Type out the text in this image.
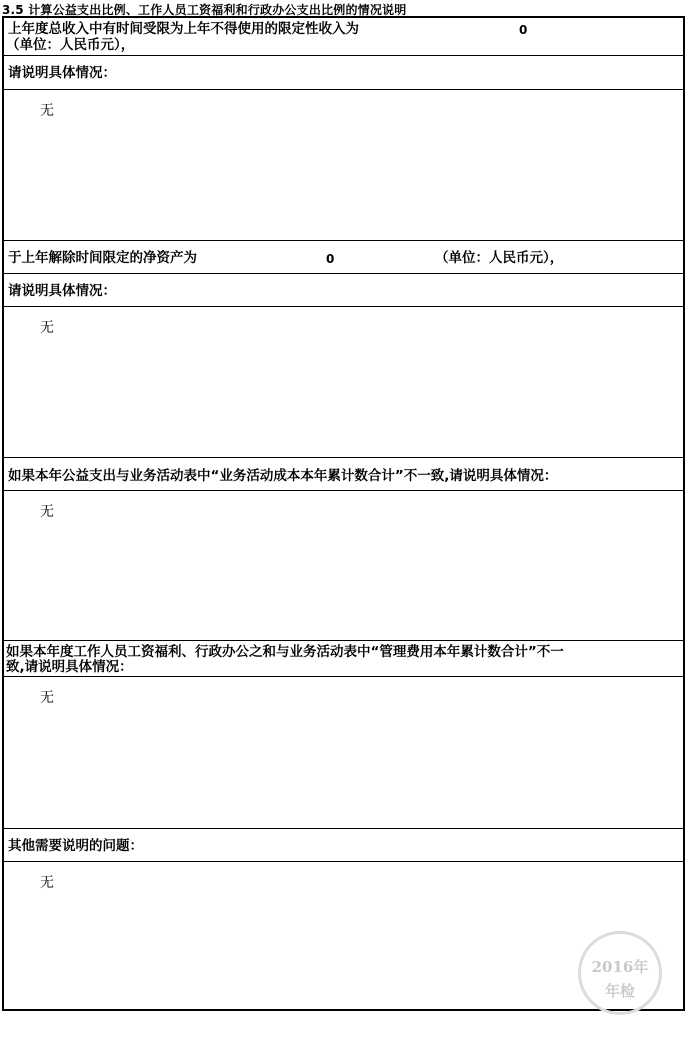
3.5 计算公益支出比例、工作人员工资福利和行政办公支出比例的情况说明
上年度总收入中有时间受限为上年不得使用的限定性收入为
（单位：人民币元），
0
请说明具体情况：
无
于上年解除时间限定的净资产为	0	（单位：人民币元），
请说明具体情况：
无
如果本年公益支出与业务活动表中“业务活动成本本年累计数合计”不一致,请说明具体情况：
无
如果本年度工作人员工资福利、行政办公之和与业务活动表中“管理费用本年累计数合计”不一
致,请说明具体情况：
无
其他需要说明的问题：
无
2016年
年检
